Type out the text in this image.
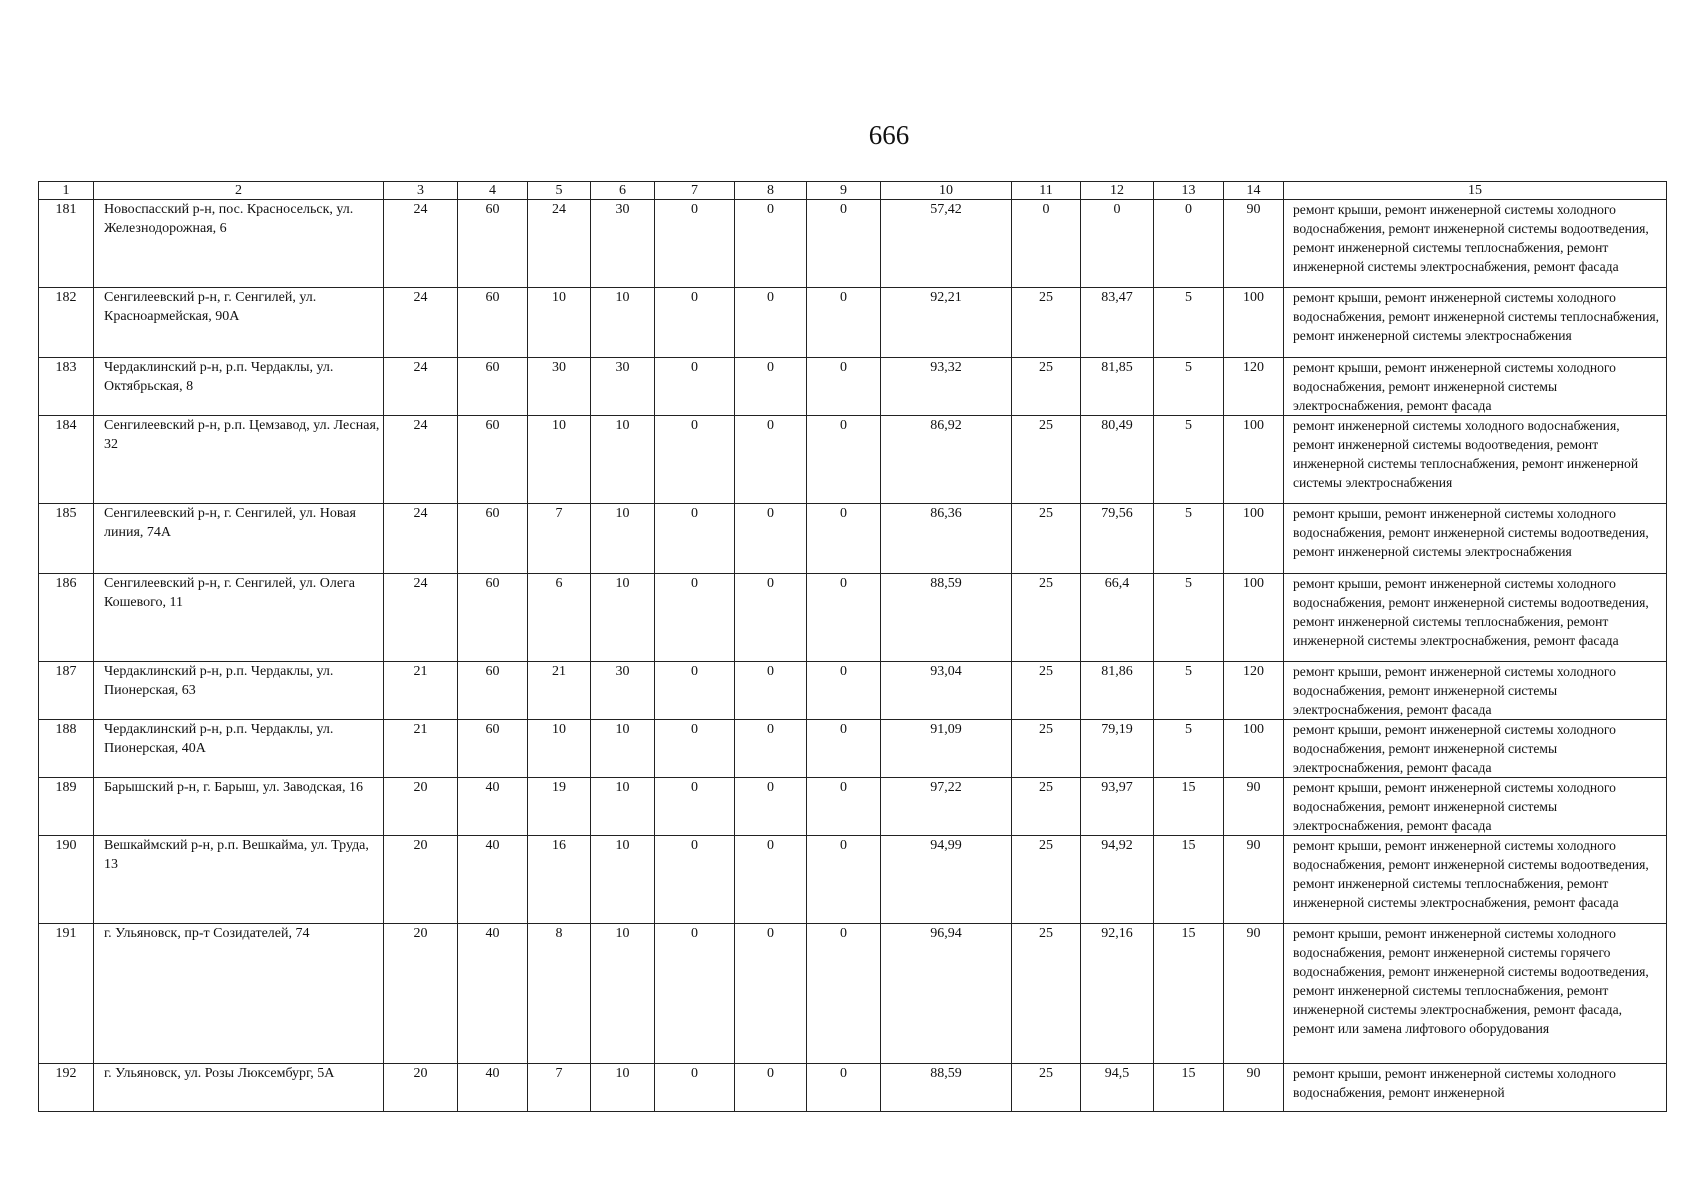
666
1	2	3	4	5	6	7	8	9	10	11	12	13	14	15
181	Новоспасский р-н, пос. Красносельск, ул. Железнодорожная, 6	24	60	24	30	0	0	0	57,42	0	0	0	90	ремонт крыши, ремонт инженерной системы холодного водоснабжения, ремонт инженерной системы водоотведения, ремонт инженерной системы теплоснабжения, ремонт инженерной системы электроснабжения, ремонт фасада
182	Сенгилеевский р-н, г. Сенгилей, ул. Красноармейская, 90А	24	60	10	10	0	0	0	92,21	25	83,47	5	100	ремонт крыши, ремонт инженерной системы холодного водоснабжения, ремонт инженерной системы теплоснабжения, ремонт инженерной системы электроснабжения
183	Чердаклинский р-н, р.п. Чердаклы, ул. Октябрьская, 8	24	60	30	30	0	0	0	93,32	25	81,85	5	120	ремонт крыши, ремонт инженерной системы холодного водоснабжения, ремонт инженерной системы электроснабжения, ремонт фасада
184	Сенгилеевский р-н, р.п. Цемзавод, ул. Лесная, 32	24	60	10	10	0	0	0	86,92	25	80,49	5	100	ремонт инженерной системы холодного водоснабжения, ремонт инженерной системы водоотведения, ремонт инженерной системы теплоснабжения, ремонт инженерной системы электроснабжения
185	Сенгилеевский р-н, г. Сенгилей, ул. Новая линия, 74А	24	60	7	10	0	0	0	86,36	25	79,56	5	100	ремонт крыши, ремонт инженерной системы холодного водоснабжения, ремонт инженерной системы водоотведения, ремонт инженерной системы электроснабжения
186	Сенгилеевский р-н, г. Сенгилей, ул. Олега Кошевого, 11	24	60	6	10	0	0	0	88,59	25	66,4	5	100	ремонт крыши, ремонт инженерной системы холодного водоснабжения, ремонт инженерной системы водоотведения, ремонт инженерной системы теплоснабжения, ремонт инженерной системы электроснабжения, ремонт фасада
187	Чердаклинский р-н, р.п. Чердаклы, ул. Пионерская, 63	21	60	21	30	0	0	0	93,04	25	81,86	5	120	ремонт крыши, ремонт инженерной системы холодного водоснабжения, ремонт инженерной системы электроснабжения, ремонт фасада
188	Чердаклинский р-н, р.п. Чердаклы, ул. Пионерская, 40А	21	60	10	10	0	0	0	91,09	25	79,19	5	100	ремонт крыши, ремонт инженерной системы холодного водоснабжения, ремонт инженерной системы электроснабжения, ремонт фасада
189	Барышский р-н, г. Барыш, ул. Заводская, 16	20	40	19	10	0	0	0	97,22	25	93,97	15	90	ремонт крыши, ремонт инженерной системы холодного водоснабжения, ремонт инженерной системы электроснабжения, ремонт фасада
190	Вешкаймский р-н, р.п. Вешкайма, ул. Труда, 13	20	40	16	10	0	0	0	94,99	25	94,92	15	90	ремонт крыши, ремонт инженерной системы холодного водоснабжения, ремонт инженерной системы водоотведения, ремонт инженерной системы теплоснабжения, ремонт инженерной системы электроснабжения, ремонт фасада
191	г. Ульяновск, пр-т Созидателей, 74	20	40	8	10	0	0	0	96,94	25	92,16	15	90	ремонт крыши, ремонт инженерной системы холодного водоснабжения, ремонт инженерной системы горячего водоснабжения, ремонт инженерной системы водоотведения, ремонт инженерной системы теплоснабжения, ремонт инженерной системы электроснабжения, ремонт фасада, ремонт или замена лифтового оборудования
192	г. Ульяновск, ул. Розы Люксембург, 5А	20	40	7	10	0	0	0	88,59	25	94,5	15	90	ремонт крыши, ремонт инженерной системы холодного водоснабжения, ремонт инженерной
